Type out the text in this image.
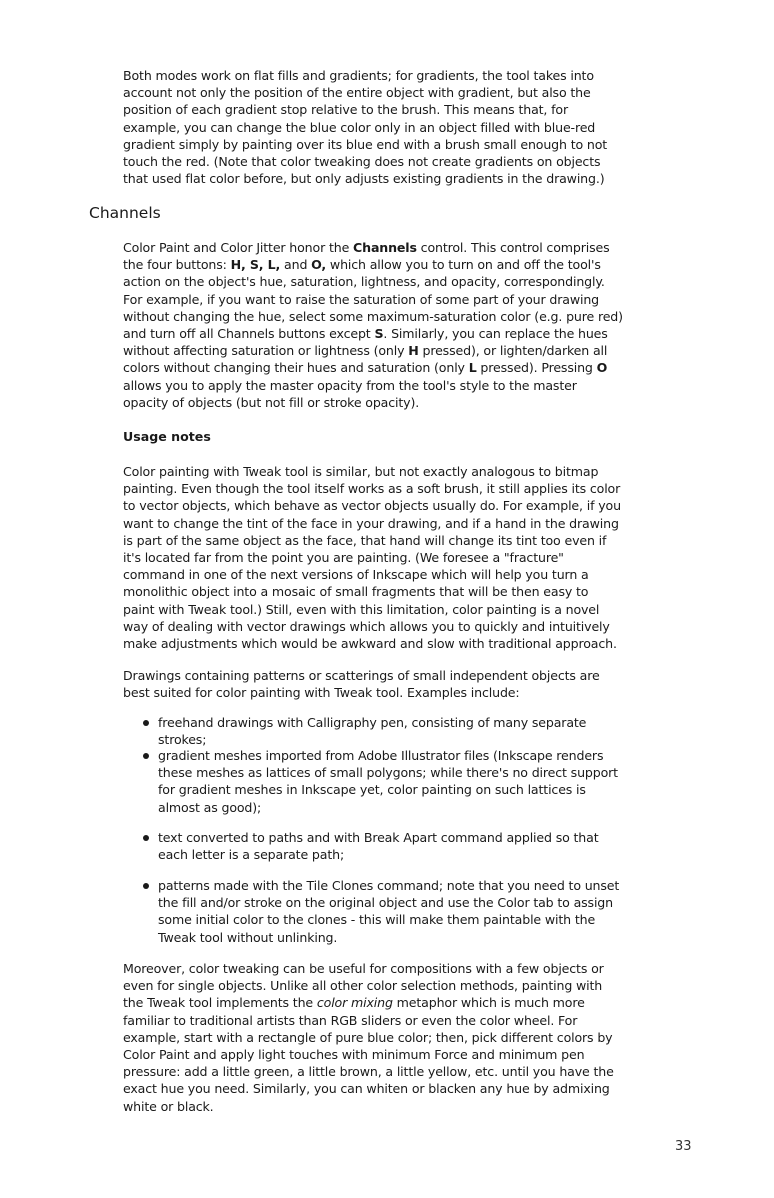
Both modes work on flat fills and gradients; for gradients, the tool takes into account not only the position of the entire object with gradient, but also the position of each gradient stop relative to the brush. This means that, for example, you can change the blue color only in an object filled with blue-red gradient simply by painting over its blue end with a brush small enough to not touch the red. (Note that color tweaking does not create gradients on objects that used flat color before, but only adjusts existing gradients in the drawing.)

Channels

Color Paint and Color Jitter honor the Channels control. This control comprises the four buttons: H, S, L, and O, which allow you to turn on and off the tool's action on the object's hue, saturation, lightness, and opacity, correspondingly. For example, if you want to raise the saturation of some part of your drawing without changing the hue, select some maximum-saturation color (e.g. pure red) and turn off all Channels buttons except S. Similarly, you can replace the hues without affecting saturation or lightness (only H pressed), or lighten/darken all colors without changing their hues and saturation (only L pressed). Pressing O allows you to apply the master opacity from the tool's style to the master opacity of objects (but not fill or stroke opacity).

Usage notes

Color painting with Tweak tool is similar, but not exactly analogous to bitmap painting. Even though the tool itself works as a soft brush, it still applies its color to vector objects, which behave as vector objects usually do. For example, if you want to change the tint of the face in your drawing, and if a hand in the drawing is part of the same object as the face, that hand will change its tint too even if it's located far from the point you are painting. (We foresee a "fracture" command in one of the next versions of Inkscape which will help you turn a monolithic object into a mosaic of small fragments that will be then easy to paint with Tweak tool.) Still, even with this limitation, color painting is a novel way of dealing with vector drawings which allows you to quickly and intuitively make adjustments which would be awkward and slow with traditional approach.

Drawings containing patterns or scatterings of small independent objects are best suited for color painting with Tweak tool. Examples include:

freehand drawings with Calligraphy pen, consisting of many separate strokes;
gradient meshes imported from Adobe Illustrator files (Inkscape renders these meshes as lattices of small polygons; while there's no direct support for gradient meshes in Inkscape yet, color painting on such lattices is almost as good);
text converted to paths and with Break Apart command applied so that each letter is a separate path;
patterns made with the Tile Clones command; note that you need to unset the fill and/or stroke on the original object and use the Color tab to assign some initial color to the clones - this will make them paintable with the Tweak tool without unlinking.

Moreover, color tweaking can be useful for compositions with a few objects or even for single objects. Unlike all other color selection methods, painting with the Tweak tool implements the color mixing metaphor which is much more familiar to traditional artists than RGB sliders or even the color wheel. For example, start with a rectangle of pure blue color; then, pick different colors by Color Paint and apply light touches with minimum Force and minimum pen pressure: add a little green, a little brown, a little yellow, etc. until you have the exact hue you need. Similarly, you can whiten or blacken any hue by admixing white or black.

33
